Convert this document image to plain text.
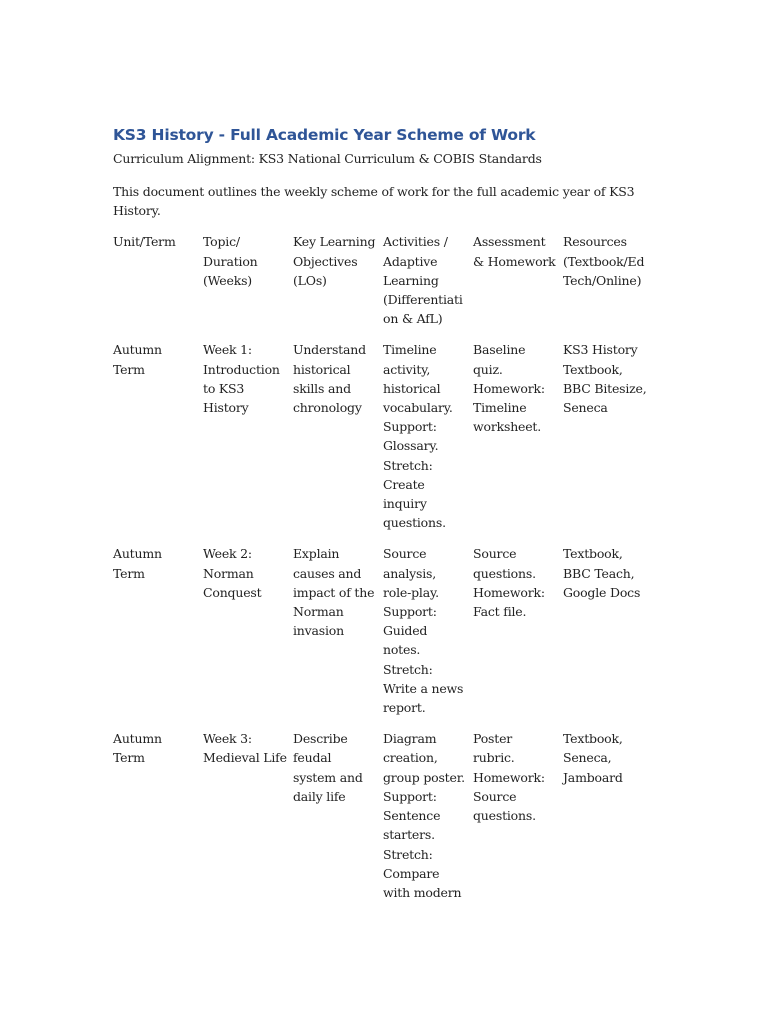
KS3 History - Full Academic Year Scheme of Work

Curriculum Alignment: KS3 National Curriculum & COBIS Standards

This document outlines the weekly scheme of work for the full academic year of KS3 History.

Unit/Term	Topic/ Duration (Weeks)	Key Learning Objectives (LOs)	Activities / Adaptive Learning (Differentiation & AfL)	Assessment & Homework	Resources (Textbook/EdTech/Online)
Autumn Term	Week 1: Introduction to KS3 History	Understand historical skills and chronology	Timeline activity, historical vocabulary. Support: Glossary. Stretch: Create inquiry questions.	Baseline quiz. Homework: Timeline worksheet.	KS3 History Textbook, BBC Bitesize, Seneca
Autumn Term	Week 2: Norman Conquest	Explain causes and impact of the Norman invasion	Source analysis, role-play. Support: Guided notes. Stretch: Write a news report.	Source questions. Homework: Fact file.	Textbook, BBC Teach, Google Docs
Autumn Term	Week 3: Medieval Life	Describe feudal system and daily life	Diagram creation, group poster. Support: Sentence starters. Stretch: Compare with modern	Poster rubric. Homework: Source questions.	Textbook, Seneca, Jamboard
